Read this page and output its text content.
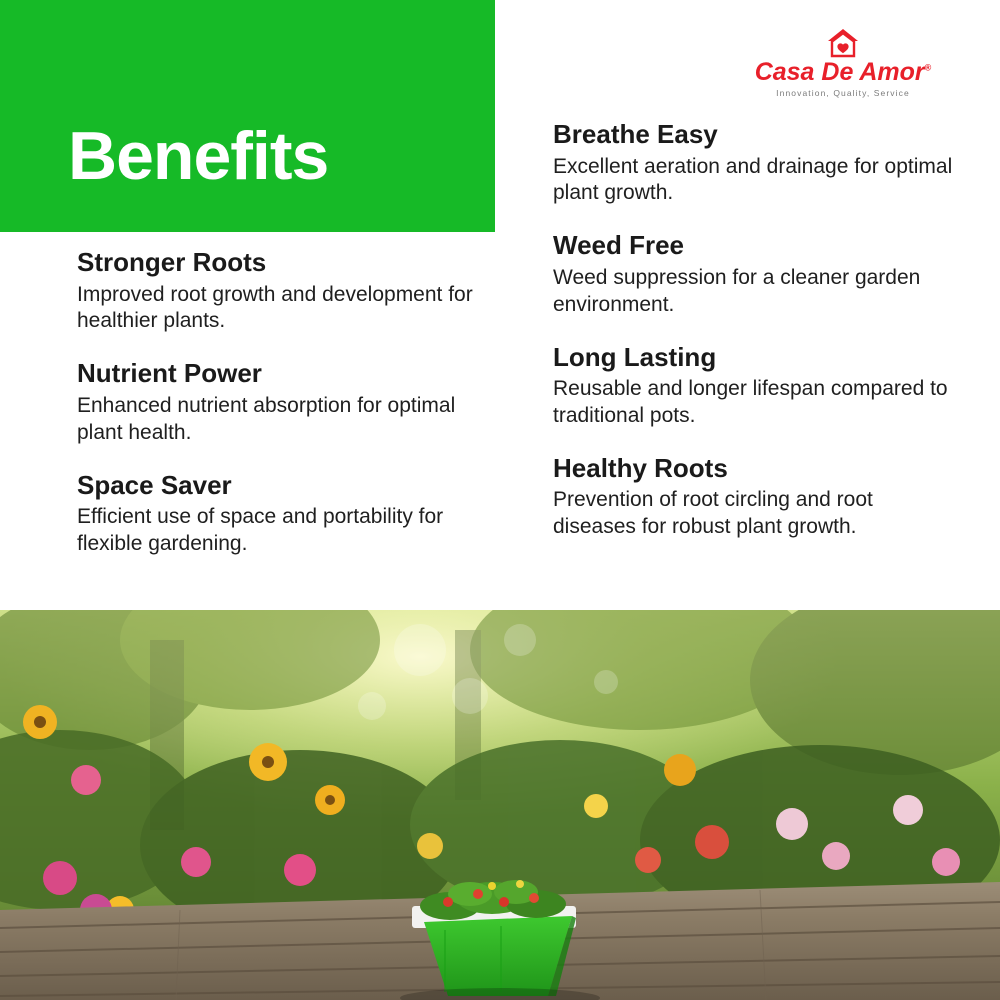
Benefits
Casa De Amor®
Innovation, Quality, Service
Stronger Roots
Improved root growth and development for healthier plants.
Nutrient Power
Enhanced nutrient absorption for optimal plant health.
Space Saver
Efficient use of space and portability for flexible gardening.
Breathe Easy
Excellent aeration and drainage for optimal plant growth.
Weed Free
Weed suppression for a cleaner garden environment.
Long Lasting
Reusable and longer lifespan compared to traditional pots.
Healthy Roots
Prevention of root circling and root diseases for robust plant growth.
